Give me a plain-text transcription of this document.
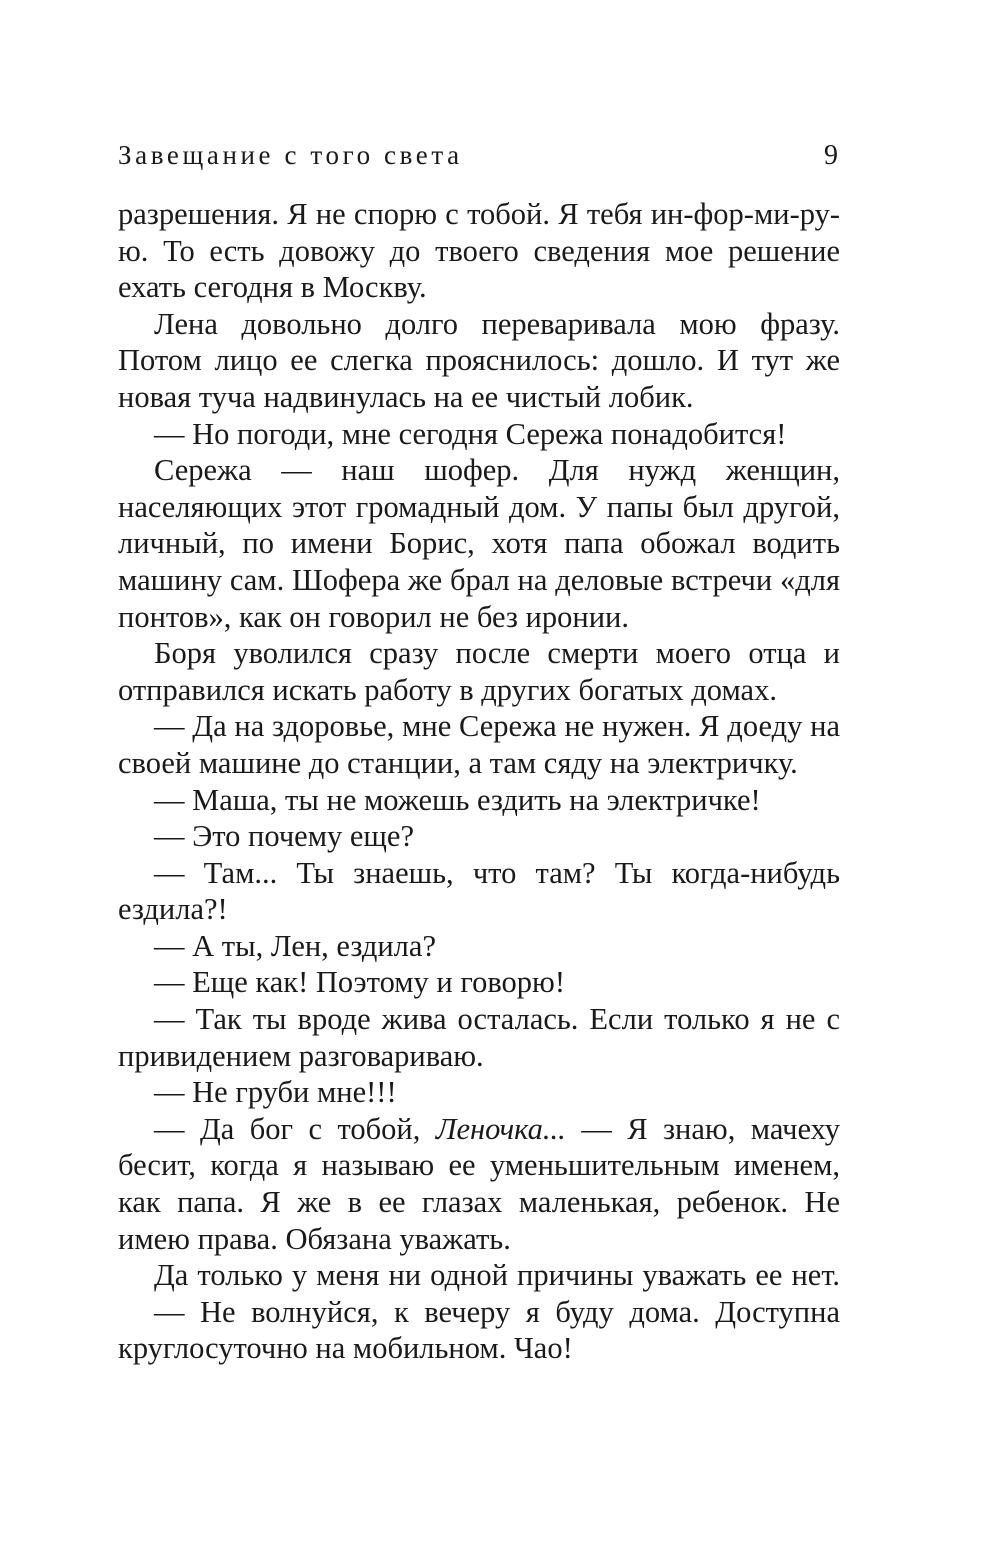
Завещание с того света	9

разрешения. Я не спорю с тобой. Я тебя ин-фор-ми-ру-ю. То есть довожу до твоего сведения мое решение ехать сегодня в Москву.

Лена довольно долго переваривала мою фразу. Потом лицо ее слегка прояснилось: дошло. И тут же новая туча надвинулась на ее чистый лобик.

— Но погоди, мне сегодня Сережа понадобится!

Сережа — наш шофер. Для нужд женщин, населяющих этот громадный дом. У папы был другой, личный, по имени Борис, хотя папа обожал водить машину сам. Шофера же брал на деловые встречи «для понтов», как он говорил не без иронии.

Боря уволился сразу после смерти моего отца и отправился искать работу в других богатых домах.

— Да на здоровье, мне Сережа не нужен. Я доеду на своей машине до станции, а там сяду на электричку.

— Маша, ты не можешь ездить на электричке!

— Это почему еще?

— Там... Ты знаешь, что там? Ты когда-нибудь ездила?!

— А ты, Лен, ездила?

— Еще как! Поэтому и говорю!

— Так ты вроде жива осталась. Если только я не с привидением разговариваю.

— Не груби мне!!!

— Да бог с тобой, Леночка... — Я знаю, мачеху бесит, когда я называю ее уменьшительным именем, как папа. Я же в ее глазах маленькая, ребенок. Не имею права. Обязана уважать.

Да только у меня ни одной причины уважать ее нет.

— Не волнуйся, к вечеру я буду дома. Доступна круглосуточно на мобильном. Чао!
